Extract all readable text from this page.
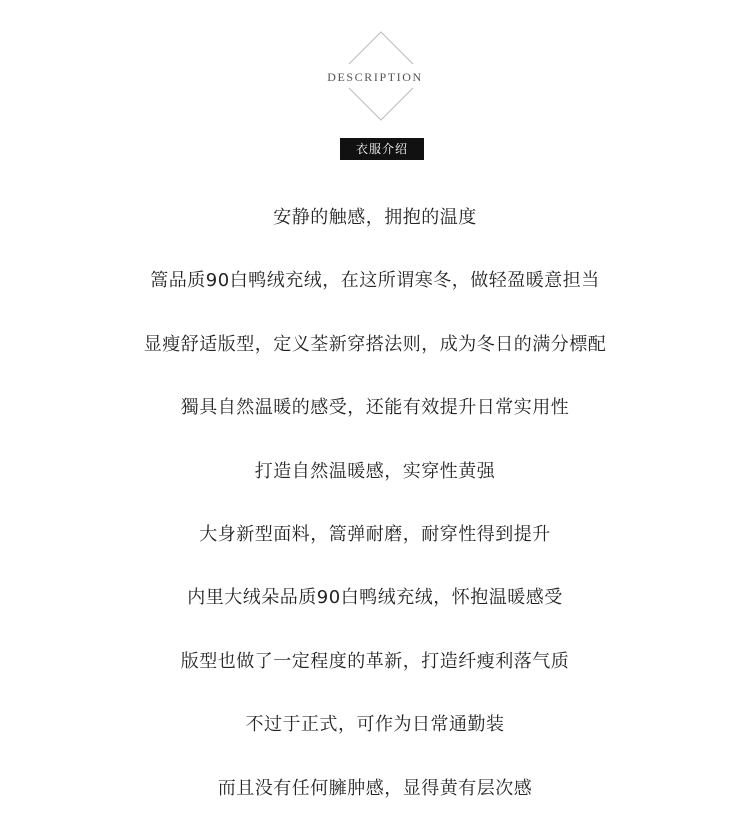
DESCRIPTION
衣服介绍
安静的触感，拥抱的温度
篙品质90白鸭绒充绒，在这所谓寒冬，做轻盈暖意担当
显瘦舒适版型，定义荃新穿搭法则，成为冬日的满分標配
獨具自然温暖的感受，还能有效提升日常实用性
打造自然温暖感，实穿性黄强
大身新型面料，篙弹耐磨，耐穿性得到提升
内里大绒朵品质90白鸭绒充绒，怀抱温暖感受
版型也做了一定程度的革新，打造纤瘦利落气质
不过于正式，可作为日常通勤装
而且没有任何臃肿感，显得黄有层次感
